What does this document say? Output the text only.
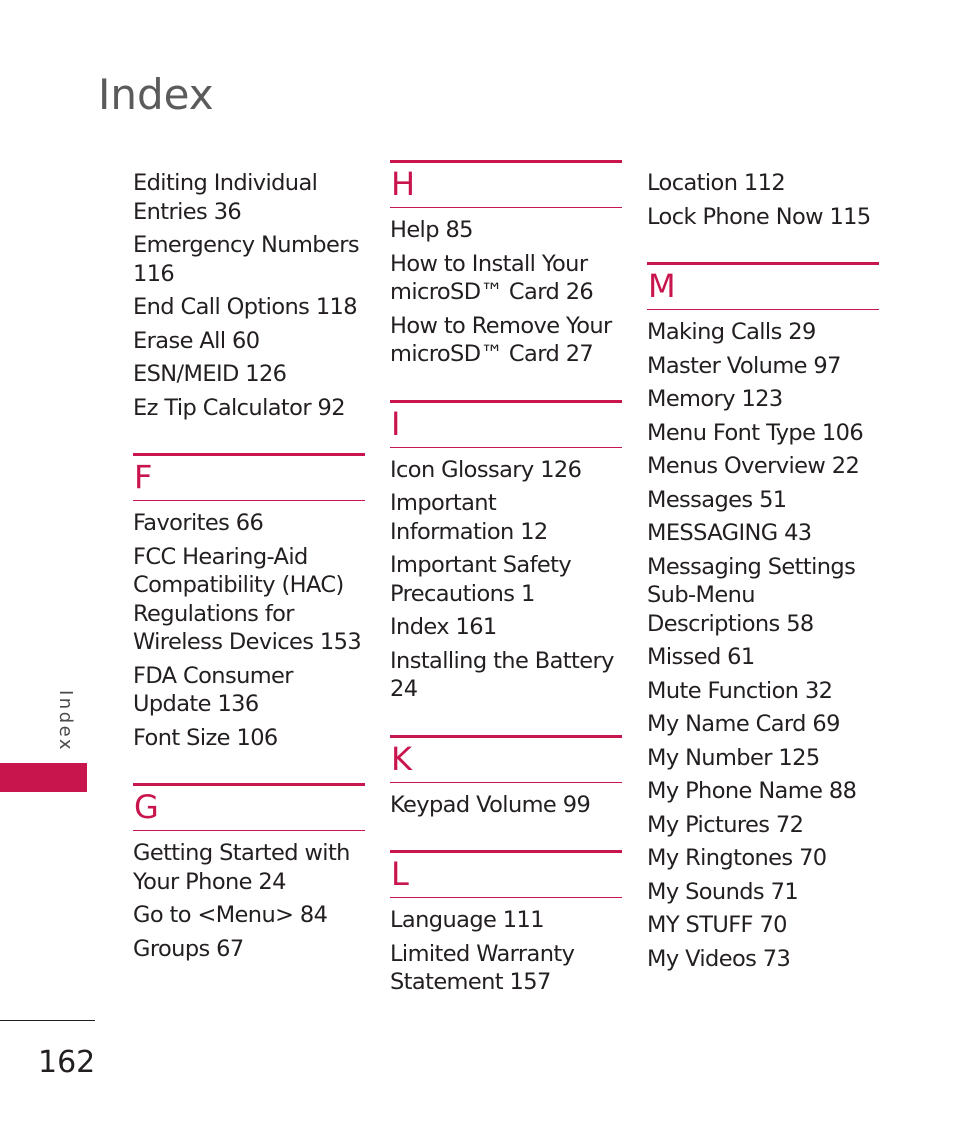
Index
Editing Individual Entries 36
Emergency Numbers 116
End Call Options 118
Erase All 60
ESN/MEID 126
Ez Tip Calculator 92
F
Favorites 66
FCC Hearing-Aid Compatibility (HAC) Regulations for Wireless Devices 153
FDA Consumer Update 136
Font Size 106
G
Getting Started with Your Phone 24
Go to <Menu> 84
Groups 67
H
Help 85
How to Install Your microSD™ Card 26
How to Remove Your microSD™ Card 27
I
Icon Glossary 126
Important Information 12
Important Safety Precautions 1
Index 161
Installing the Battery 24
K
Keypad Volume 99
L
Language 111
Limited Warranty Statement 157
Location 112
Lock Phone Now 115
M
Making Calls 29
Master Volume 97
Memory 123
Menu Font Type 106
Menus Overview 22
Messages 51
MESSAGING 43
Messaging Settings Sub-Menu Descriptions 58
Missed 61
Mute Function 32
My Name Card 69
My Number 125
My Phone Name 88
My Pictures 72
My Ringtones 70
My Sounds 71
MY STUFF 70
My Videos 73
Index
162
